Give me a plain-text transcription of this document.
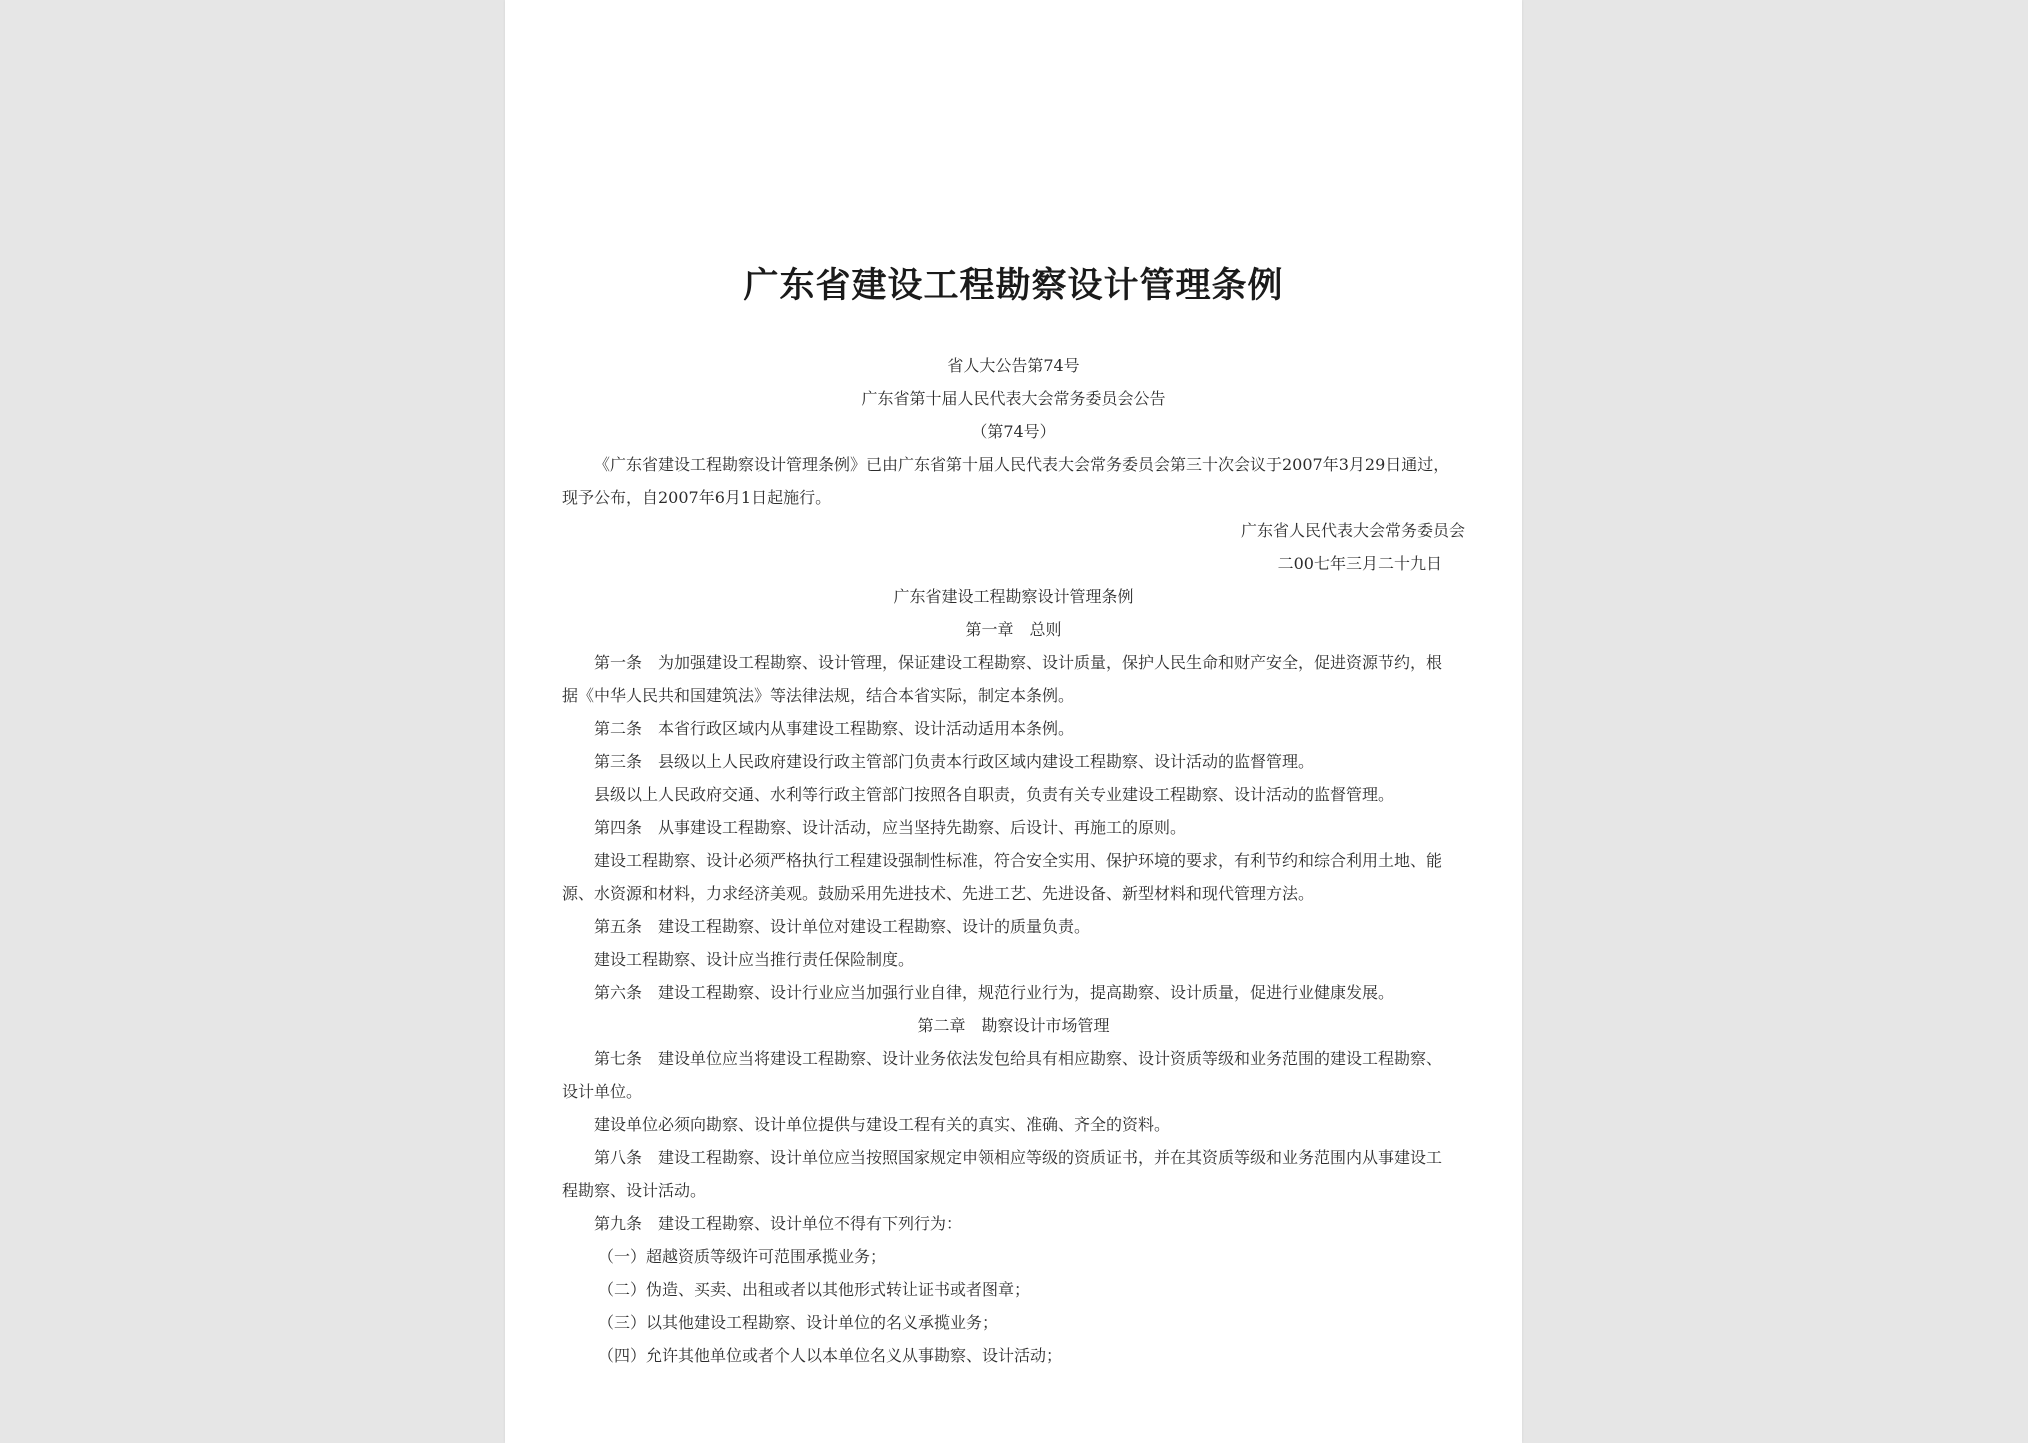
广东省建设工程勘察设计管理条例
省人大公告第74号
广东省第十届人民代表大会常务委员会公告
（第74号）
《广东省建设工程勘察设计管理条例》已由广东省第十届人民代表大会常务委员会第三十次会议于2007年3月29日通过，
现予公布，自2007年6月1日起施行。
广东省人民代表大会常务委员会
二00七年三月二十九日
广东省建设工程勘察设计管理条例
第一章　总则
第一条　为加强建设工程勘察、设计管理，保证建设工程勘察、设计质量，保护人民生命和财产安全，促进资源节约，根
据《中华人民共和国建筑法》等法律法规，结合本省实际，制定本条例。
第二条　本省行政区域内从事建设工程勘察、设计活动适用本条例。
第三条　县级以上人民政府建设行政主管部门负责本行政区域内建设工程勘察、设计活动的监督管理。
县级以上人民政府交通、水利等行政主管部门按照各自职责，负责有关专业建设工程勘察、设计活动的监督管理。
第四条　从事建设工程勘察、设计活动，应当坚持先勘察、后设计、再施工的原则。
建设工程勘察、设计必须严格执行工程建设强制性标准，符合安全实用、保护环境的要求，有利节约和综合利用土地、能
源、水资源和材料，力求经济美观。鼓励采用先进技术、先进工艺、先进设备、新型材料和现代管理方法。
第五条　建设工程勘察、设计单位对建设工程勘察、设计的质量负责。
建设工程勘察、设计应当推行责任保险制度。
第六条　建设工程勘察、设计行业应当加强行业自律，规范行业行为，提高勘察、设计质量，促进行业健康发展。
第二章　勘察设计市场管理
第七条　建设单位应当将建设工程勘察、设计业务依法发包给具有相应勘察、设计资质等级和业务范围的建设工程勘察、
设计单位。
建设单位必须向勘察、设计单位提供与建设工程有关的真实、准确、齐全的资料。
第八条　建设工程勘察、设计单位应当按照国家规定申领相应等级的资质证书，并在其资质等级和业务范围内从事建设工
程勘察、设计活动。
第九条　建设工程勘察、设计单位不得有下列行为：
（一）超越资质等级许可范围承揽业务；
（二）伪造、买卖、出租或者以其他形式转让证书或者图章；
（三）以其他建设工程勘察、设计单位的名义承揽业务；
（四）允许其他单位或者个人以本单位名义从事勘察、设计活动；
